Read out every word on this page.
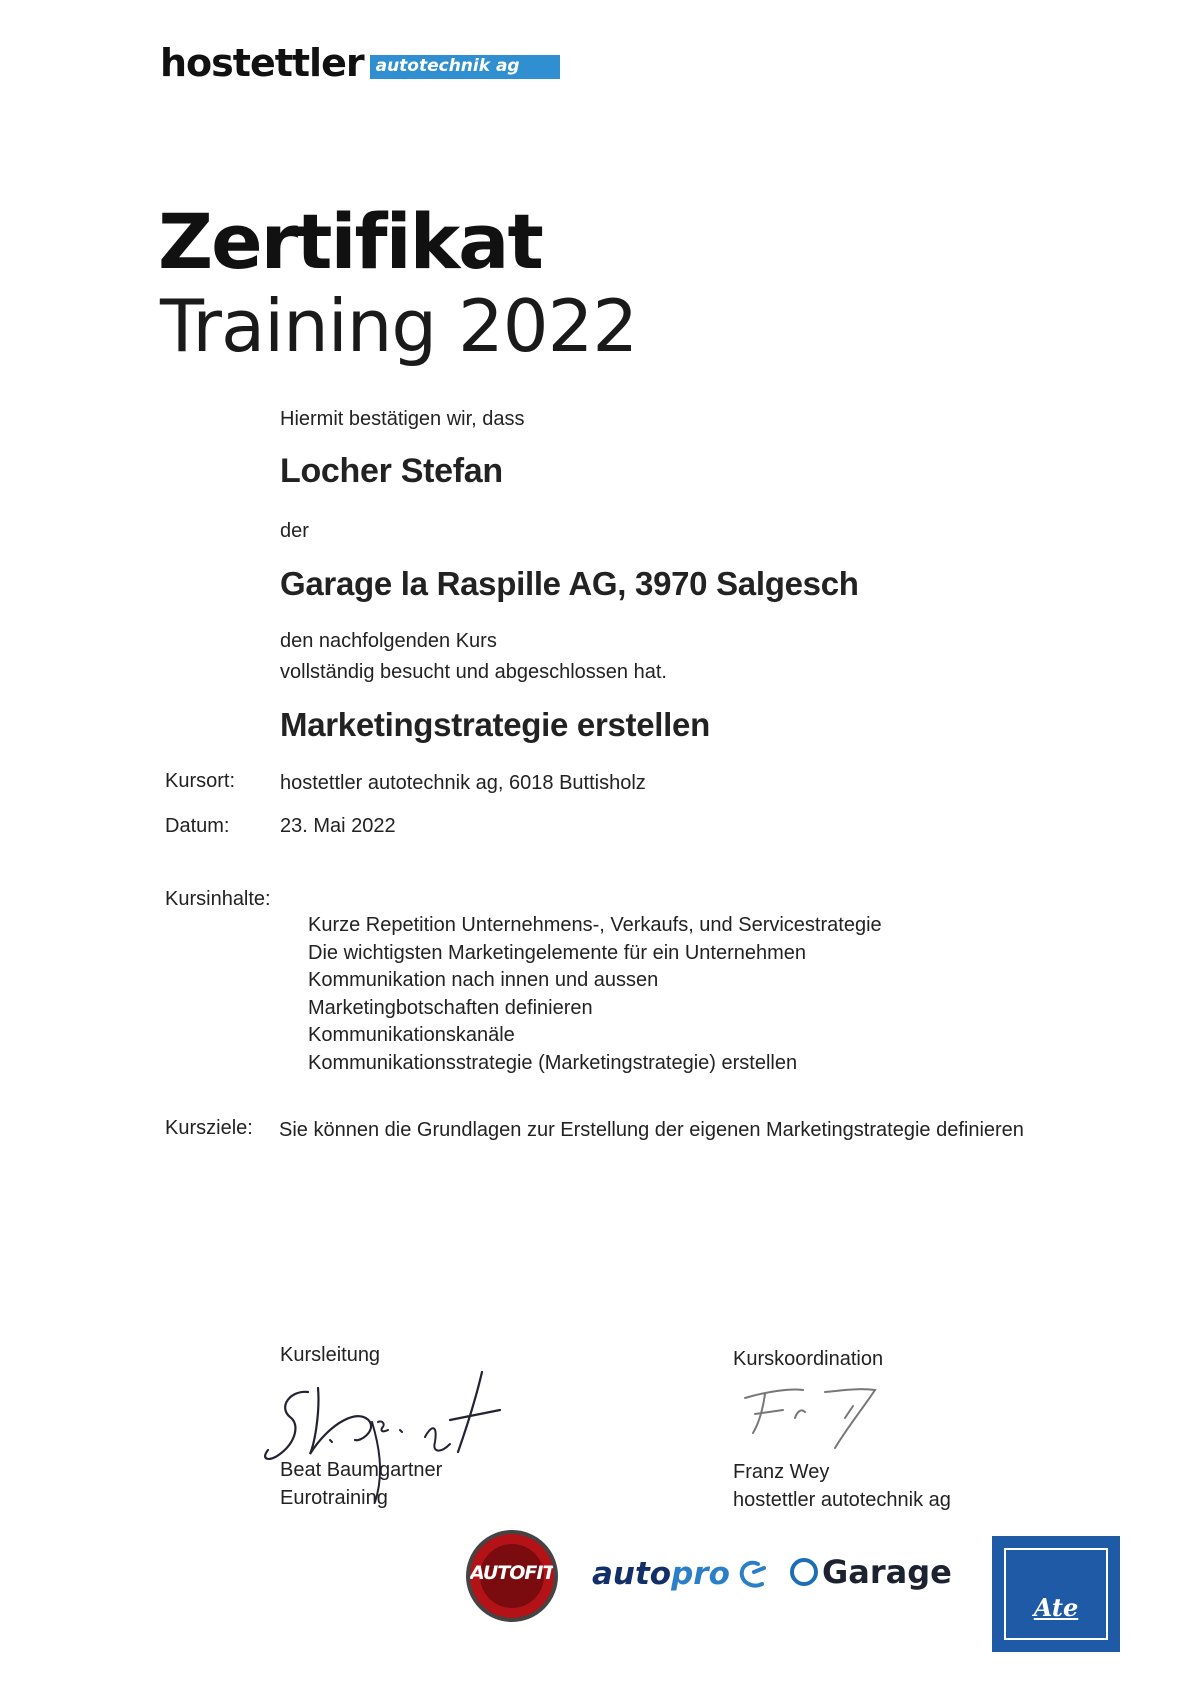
hostettler autotechnik ag
Zertifikat
Training 2022
Hiermit bestätigen wir, dass
Locher Stefan
der
Garage la Raspille AG, 3970 Salgesch
den nachfolgenden Kurs
vollständig besucht und abgeschlossen hat.
Marketingstrategie erstellen
Kursort: hostettler autotechnik ag, 6018 Buttisholz
Datum:	23. Mai 2022
Kursinhalte:
Kurze Repetition Unternehmens-, Verkaufs, und Servicestrategie
Die wichtigsten Marketingelemente für ein Unternehmen
Kommunikation nach innen und aussen
Marketingbotschaften definieren
Kommunikationskanäle
Kommunikationsstrategie (Marketingstrategie) erstellen
Kursziele: Sie können die Grundlagen zur Erstellung der eigenen Marketingstrategie definieren
Kursleitung
Beat Baumgartner
Eurotraining
Kurskoordination
Franz Wey
hostettler autotechnik ag
AUTOFIT autopro	Garage
Ate
